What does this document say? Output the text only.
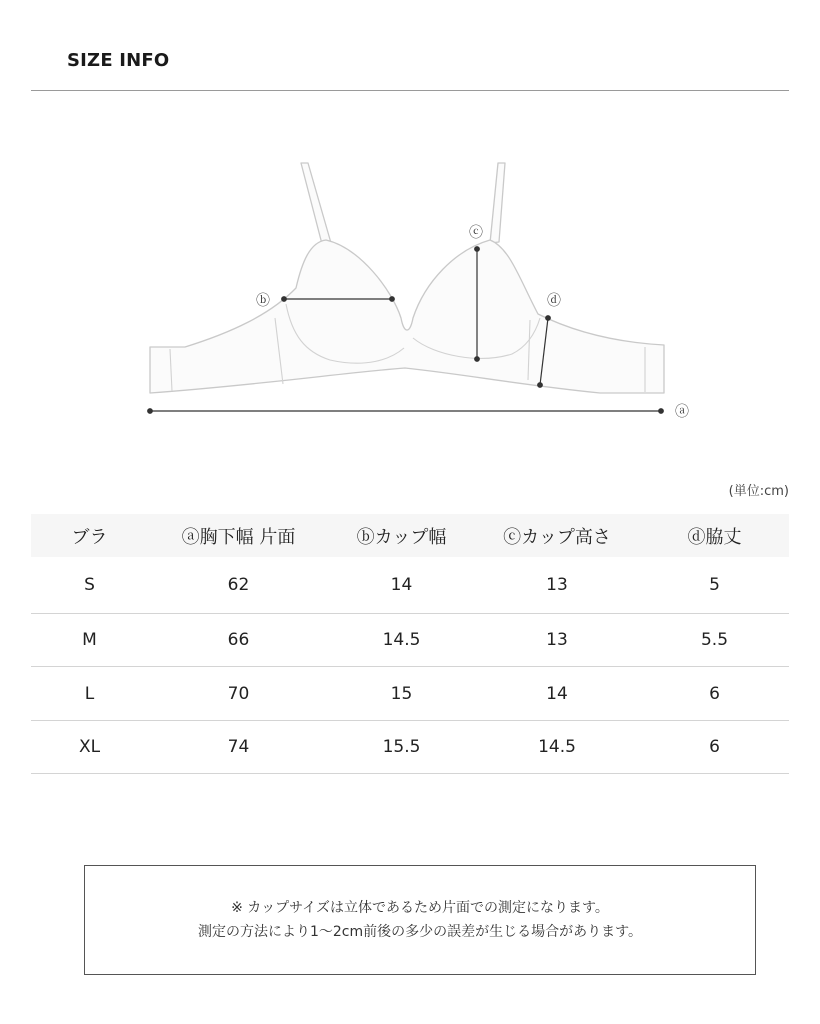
SIZE INFO
ⓐ
ⓑ
ⓒ
ⓓ
(単位:cm)
ブラ	ⓐ胸下幅 片面	ⓑカップ幅	ⓒカップ高さ	ⓓ脇丈
S	62	14	13	5
M	66	14.5	13	5.5
L	70	15	14	6
XL	74	15.5	14.5	6
※ カップサイズは立体であるため片面での測定になります。
測定の方法により1〜2cm前後の多少の誤差が生じる場合があります。
